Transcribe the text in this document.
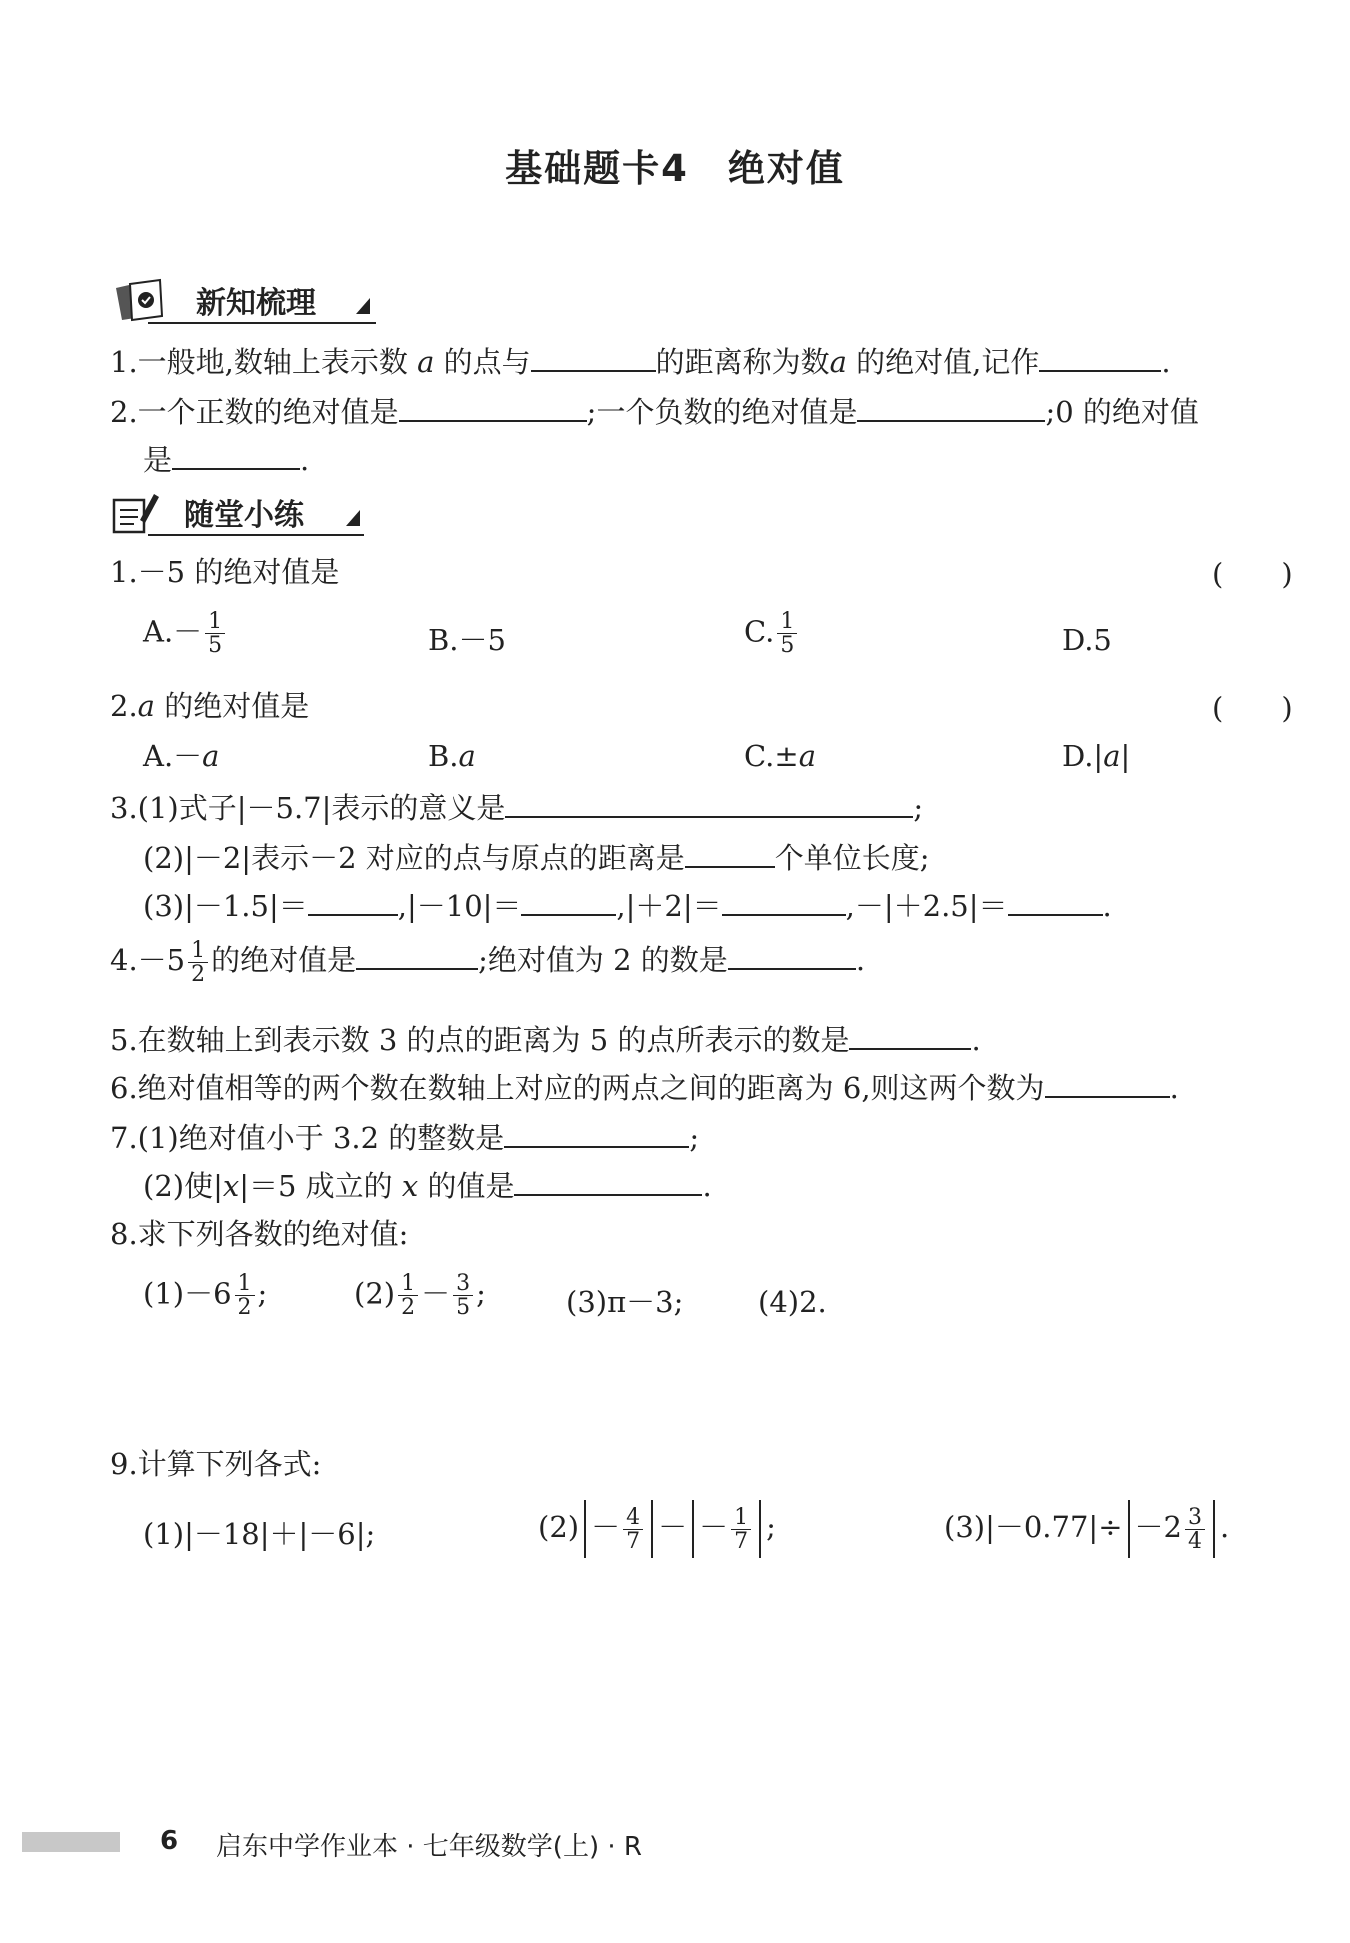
基础题卡4　绝对值
新知梳理
1.一般地,数轴上表示数 a 的点与	的距离称为数a 的绝对值,记作	.
2.一个正数的绝对值是	;一个负数的绝对值是	;0 的绝对值
是	.
随堂小练
1.－5 的绝对值是	(　　)
$A.- \frac{1}{5}$	B.－5	C. $\frac{1}{5}$	D.5
2.a 的绝对值是	(　　)
A.－a	B.a	C.±a	D.|a|
3.(1)式子|－5.7|表示的意义是	;
(2)|－2|表示－2 对应的点与原点的距离是	个单位长度;
(3)|－1.5|＝	,|－10|＝	,|＋2|＝	,－|＋2.5|＝	.
$4.-5 \frac{1}{2}$ 的绝对值是	;绝对值为 2 的数是	.
5.在数轴上到表示数 3 的点的距离为 5 的点所表示的数是	.
6.绝对值相等的两个数在数轴上对应的两点之间的距离为 6,则这两个数为	.
7.(1)绝对值小于 3.2 的整数是	;
(2)使|x|＝5 成立的 x 的值是	.
8.求下列各数的绝对值:
$(1)-6 \frac{1}{2}$ ;	$(2) \frac{1}{2} - \frac{3}{5}$ ;	(3)π－3;	(4)2.
9.计算下列各式:
(1)|－18|＋|－6|;	$(2) - \frac{4}{7}$ － － $\frac{1}{7}$ ;	$(3)|-0.77|\div -2 \frac{3}{4}$ .
6 启东中学作业本 · 七年级数学(上) · R
